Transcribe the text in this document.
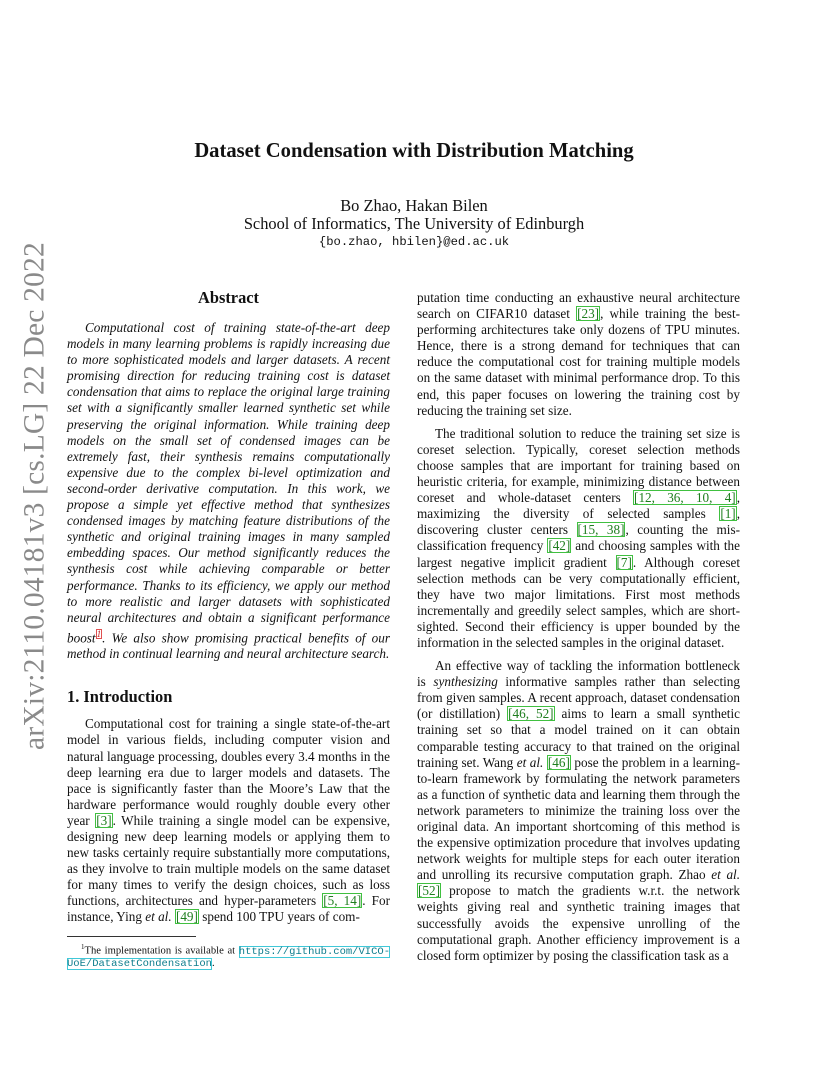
arXiv:2110.04181v3 [cs.LG] 22 Dec 2022
Dataset Condensation with Distribution Matching
Bo Zhao, Hakan Bilen
School of Informatics, The University of Edinburgh
{bo.zhao, hbilen}@ed.ac.uk
Abstract

Computational cost of training state-of-the-art deep models in many learning problems is rapidly increasing due to more sophisticated models and larger datasets. A recent promising direction for reducing training cost is dataset condensation that aims to replace the original large training set with a significantly smaller learned synthetic set while preserving the original information. While training deep models on the small set of condensed images can be extremely fast, their synthesis remains computationally expensive due to the complex bi-level optimization and second-order derivative computation. In this work, we propose a simple yet effective method that synthesizes condensed images by matching feature distributions of the synthetic and original training images in many sampled embedding spaces. Our method significantly reduces the synthesis cost while achieving comparable or better performance. Thanks to its efficiency, we apply our method to more realistic and larger datasets with sophisticated neural architectures and obtain a significant performance boost$^1$. We also show promising practical benefits of our method in continual learning and neural architecture search.

1. Introduction

Computational cost for training a single state-of-the-art model in various fields, including computer vision and natural language processing, doubles every 3.4 months in the deep learning era due to larger models and datasets. The pace is significantly faster than the Moore’s Law that the hardware performance would roughly double every other year [3]. While training a single model can be expensive, designing new deep learning models or applying them to new tasks certainly require substantially more computations, as they involve to train multiple models on the same dataset for many times to verify the design choices, such as loss functions, architectures and hyper-parameters [5, 14]. For instance, Ying et al. [49] spend 100 TPU years of com-

$^1$The implementation is available at https://github.com/VICO-UoE/DatasetCondensation.

putation time conducting an exhaustive neural architecture search on CIFAR10 dataset [23], while training the best-performing architectures take only dozens of TPU minutes. Hence, there is a strong demand for techniques that can reduce the computational cost for training multiple models on the same dataset with minimal performance drop. To this end, this paper focuses on lowering the training cost by reducing the training set size.

The traditional solution to reduce the training set size is coreset selection. Typically, coreset selection methods choose samples that are important for training based on heuristic criteria, for example, minimizing distance between coreset and whole-dataset centers [12, 36, 10, 4], maximizing the diversity of selected samples [1], discovering cluster centers [15, 38], counting the mis-classification frequency [42] and choosing samples with the largest negative implicit gradient [7]. Although coreset selection methods can be very computationally efficient, they have two major limitations. First most methods incrementally and greedily select samples, which are short-sighted. Second their efficiency is upper bounded by the information in the selected samples in the original dataset.

An effective way of tackling the information bottleneck is synthesizing informative samples rather than selecting from given samples. A recent approach, dataset condensation (or distillation) [46, 52] aims to learn a small synthetic training set so that a model trained on it can obtain comparable testing accuracy to that trained on the original training set. Wang et al. [46] pose the problem in a learning-to-learn framework by formulating the network parameters as a function of synthetic data and learning them through the network parameters to minimize the training loss over the original data. An important shortcoming of this method is the expensive optimization procedure that involves updating network weights for multiple steps for each outer iteration and unrolling its recursive computation graph. Zhao et al. [52] propose to match the gradients w.r.t. the network weights giving real and synthetic training images that successfully avoids the expensive unrolling of the computational graph. Another efficiency improvement is a closed form optimizer by posing the classification task as a
